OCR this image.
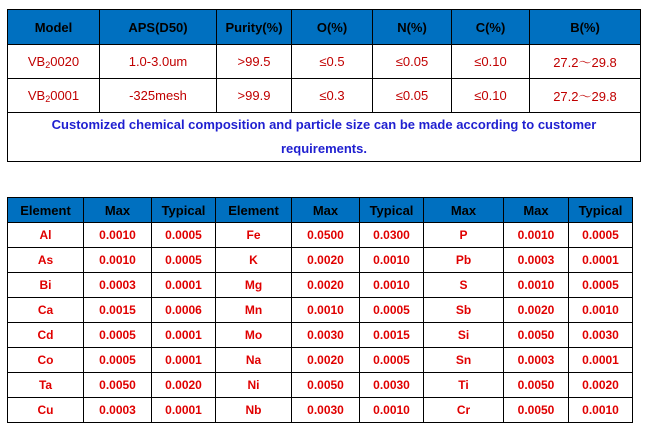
Model	APS(D50)	Purity(%)	O(%)	N(%)	C(%)	B(%)
$VB_20020$	1.0-3.0um	>99.5	≤0.5	≤0.05	≤0.10	27.2〜29.8
$VB_20001$	-325mesh	>99.9	≤0.3	≤0.05	≤0.10	27.2〜29.8
Customized chemical composition and particle size can be made according to customer requirements.						
Element	Max	Typical	Element	Max	Typical	Max	Max	Typical
Al	0.0010	0.0005	Fe	0.0500	0.0300	P	0.0010	0.0005
As	0.0010	0.0005	K	0.0020	0.0010	Pb	0.0003	0.0001
Bi	0.0003	0.0001	Mg	0.0020	0.0010	S	0.0010	0.0005
Ca	0.0015	0.0006	Mn	0.0010	0.0005	Sb	0.0020	0.0010
Cd	0.0005	0.0001	Mo	0.0030	0.0015	Si	0.0050	0.0030
Co	0.0005	0.0001	Na	0.0020	0.0005	Sn	0.0003	0.0001
Ta	0.0050	0.0020	Ni	0.0050	0.0030	Ti	0.0050	0.0020
Cu	0.0003	0.0001	Nb	0.0030	0.0010	Cr	0.0050	0.0010
